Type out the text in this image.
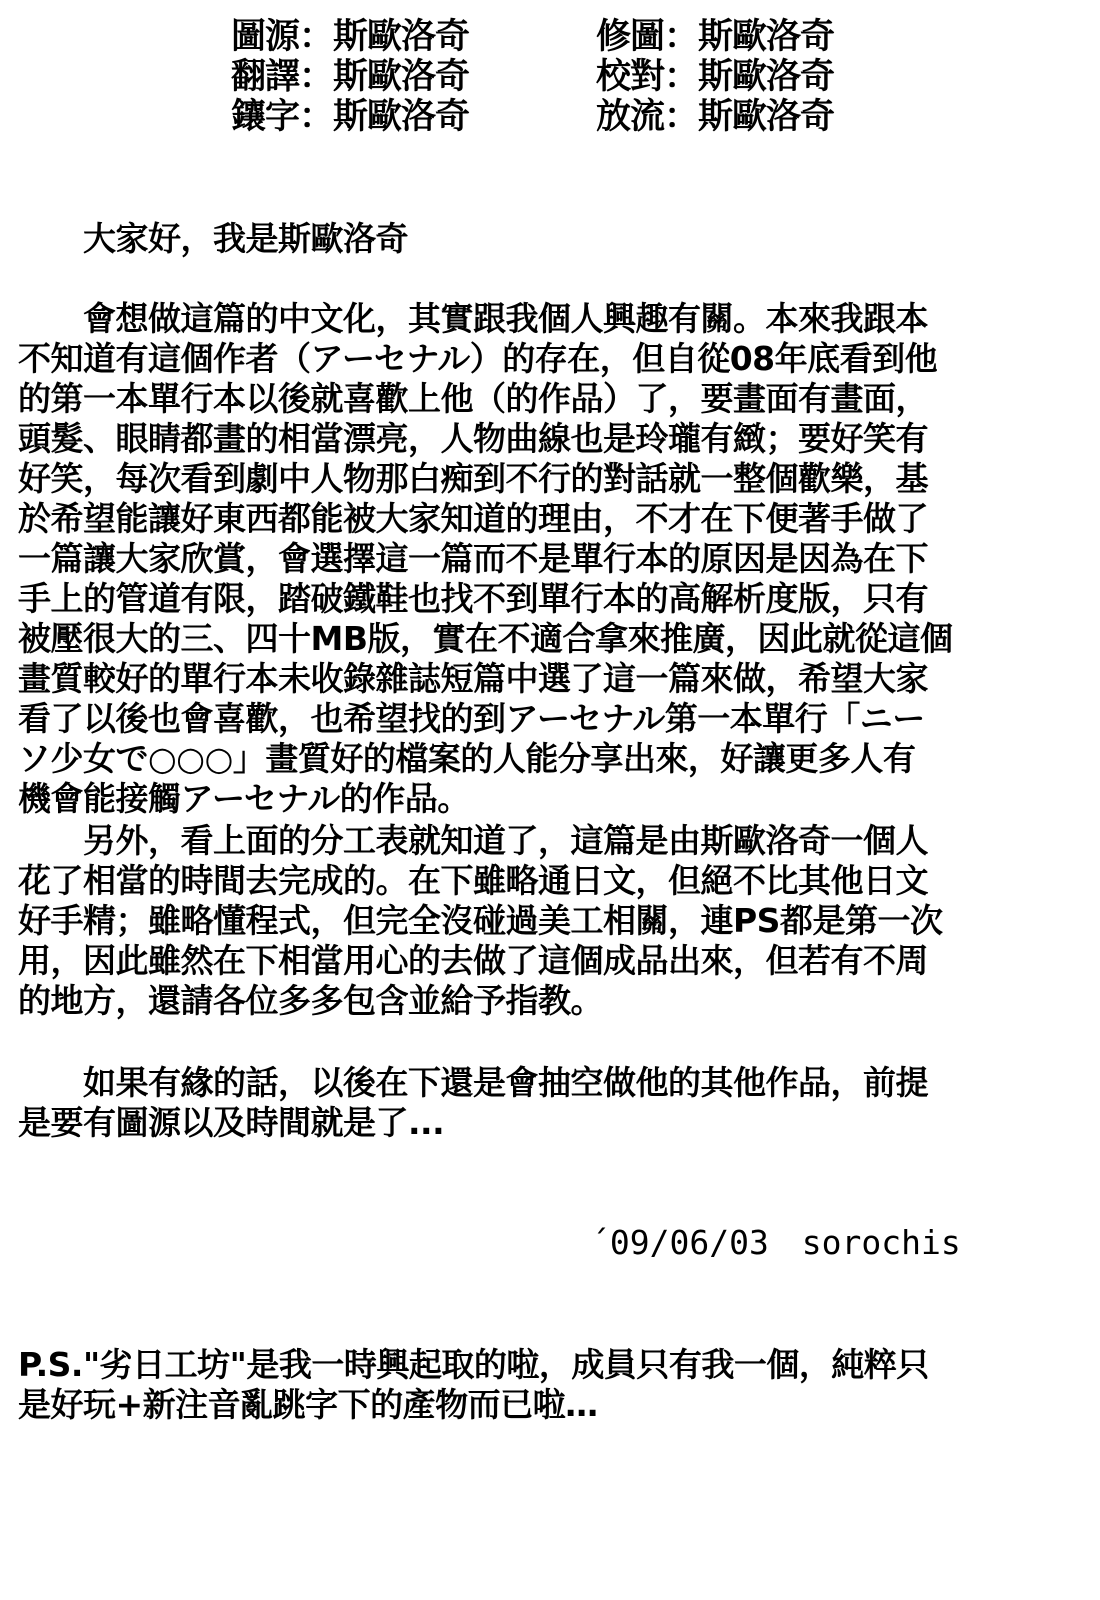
圖源：斯歐洛奇	修圖：斯歐洛奇
翻譯：斯歐洛奇	校對：斯歐洛奇
鑲字：斯歐洛奇	放流：斯歐洛奇
　　大家好，我是斯歐洛奇
　　會想做這篇的中文化，其實跟我個人興趣有關。本來我跟本
不知道有這個作者（アーセナル）的存在，但自從08年底看到他
的第一本單行本以後就喜歡上他（的作品）了，要畫面有畫面，
頭髮、眼睛都畫的相當漂亮，人物曲線也是玲瓏有緻；要好笑有
好笑，每次看到劇中人物那白痴到不行的對話就一整個歡樂，基
於希望能讓好東西都能被大家知道的理由，不才在下便著手做了
一篇讓大家欣賞，會選擇這一篇而不是單行本的原因是因為在下
手上的管道有限，踏破鐵鞋也找不到單行本的高解析度版，只有
被壓很大的三、四十MB版，實在不適合拿來推廣，因此就從這個
畫質較好的單行本未收錄雜誌短篇中選了這一篇來做，希望大家
看了以後也會喜歡，也希望找的到アーセナル第一本單行「ニー
ソ少女で○○○」畫質好的檔案的人能分享出來，好讓更多人有
機會能接觸アーセナル的作品。
　　另外，看上面的分工表就知道了，這篇是由斯歐洛奇一個人
花了相當的時間去完成的。在下雖略通日文，但絕不比其他日文
好手精；雖略懂程式，但完全沒碰過美工相關，連PS都是第一次
用，因此雖然在下相當用心的去做了這個成品出來，但若有不周
的地方，還請各位多多包含並給予指教。
　　如果有緣的話，以後在下還是會抽空做他的其他作品，前提
是要有圖源以及時間就是了...
´09/06/03　sorochis
P.S."劣日工坊"是我一時興起取的啦，成員只有我一個，純粹只
是好玩+新注音亂跳字下的產物而已啦…
